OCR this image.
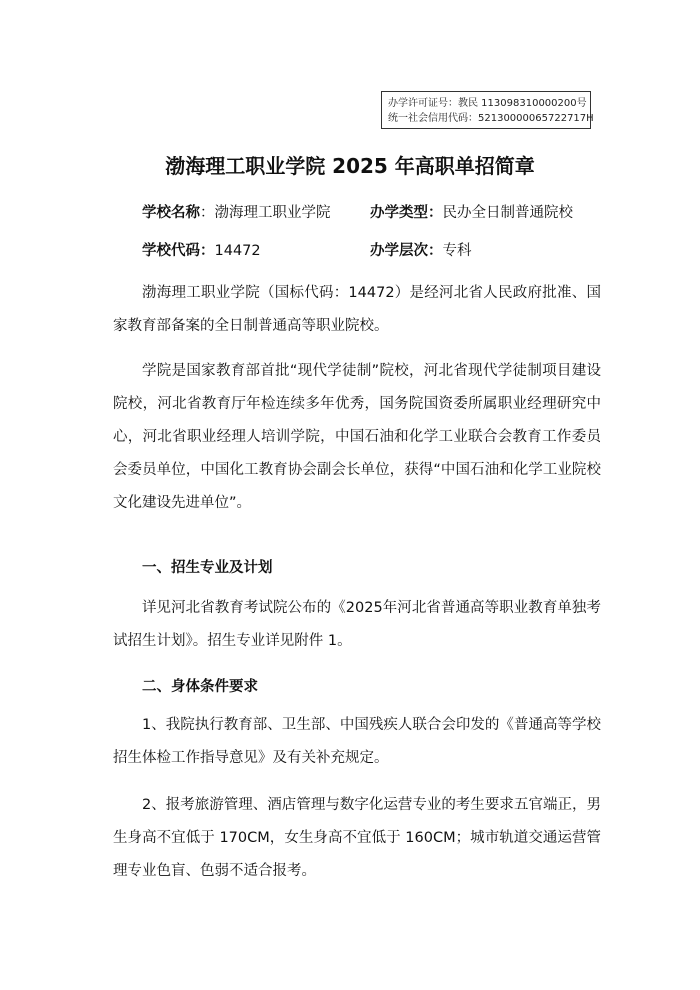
办学许可证号：教民 113098310000200号
统一社会信用代码：52130000065722717H
渤海理工职业学院 2025 年高职单招简章
学校名称：渤海理工职业学院	办学类型：民办全日制普通院校
学校代码：14472	办学层次：专科
渤海理工职业学院（国标代码：14472）是经河北省人民政府批准、国家教育部备案的全日制普通高等职业院校。
学院是国家教育部首批“现代学徒制”院校，河北省现代学徒制项目建设院校，河北省教育厅年检连续多年优秀，国务院国资委所属职业经理研究中心，河北省职业经理人培训学院，中国石油和化学工业联合会教育工作委员会委员单位，中国化工教育协会副会长单位，获得“中国石油和化学工业院校文化建设先进单位”。
一、招生专业及计划
详见河北省教育考试院公布的《2025年河北省普通高等职业教育单独考试招生计划》。招生专业详见附件 1。
二、身体条件要求
1、我院执行教育部、卫生部、中国残疾人联合会印发的《普通高等学校招生体检工作指导意见》及有关补充规定。
2、报考旅游管理、酒店管理与数字化运营专业的考生要求五官端正，男生身高不宜低于 170CM，女生身高不宜低于 160CM；城市轨道交通运营管理专业色盲、色弱不适合报考。
